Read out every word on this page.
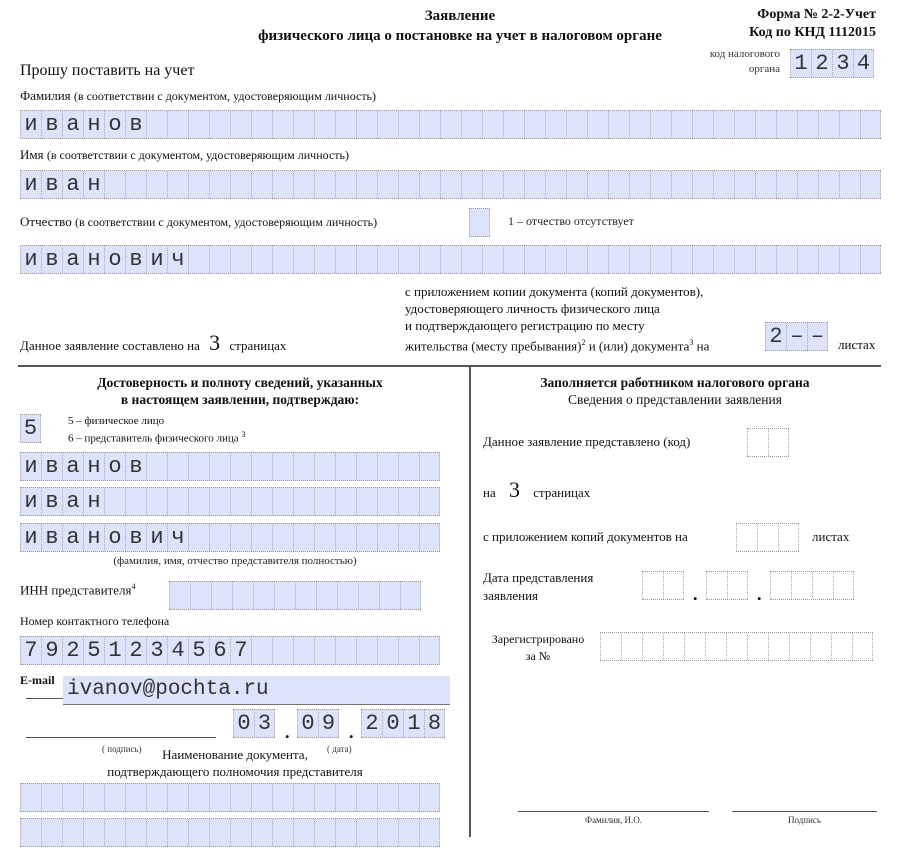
Заявление
физического лица о постановке на учет в налоговом органе
Форма № 2-2-Учет
Код по КНД 1112015
код налогового
органа 1 2 3 4
Прошу поставить на учет
Фамилия (в соответствии с документом, удостоверяющим личность)
и в а н о в
Имя (в соответствии с документом, удостоверяющим личность)
и в а н
Отчество (в соответствии с документом, удостоверяющим личность)	1 – отчество отсутствует
и в а н о в и ч
Данное заявление составлено на 3 страницах
с приложением копии документа (копий документов),
удостоверяющего личность физического лица
и подтверждающего регистрацию по месту
жительства (месту пребывания)$^2$ и (или) документа$^3$ на	2 – –	листах
Достоверность и полноту сведений, указанных
в настоящем заявлении, подтверждаю:
5	5 – физическое лицо
6 – представитель физического лица $^3$
и в а н о в
и в а н
и в а н о в и ч
(фамилия, имя, отчество представителя полностью)
ИНН представителя$^4$
Номер контактного телефона
7 9 2 5 1 2 3 4 5 6 7
E-mail ivanov@pochta.ru
0 3 . 0 9 . 2 0 1 8
( подпись)	( дата)
Наименование документа,
подтверждающего полномочия представителя
Заполняется работником налогового органа
Сведения о представлении заявления
Данное заявление представлено (код)
на 3 страницах
с приложением копий документов на	листах
Дата представления
заявления	.	.
Зарегистрировано
за №
Фамилия, И.О.	Подпись
